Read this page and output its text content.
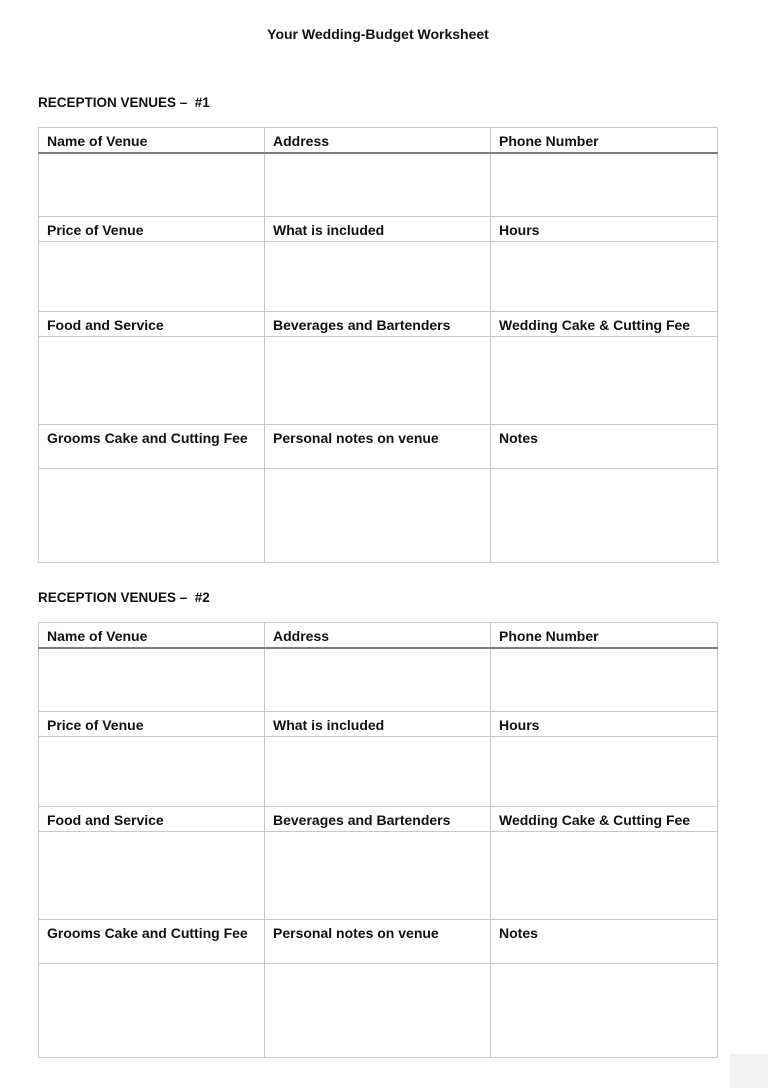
Your Wedding-Budget Worksheet
RECEPTION VENUES –  #1
Name of Venue	Address	Phone Number

Price of Venue	What is included	Hours

Food and Service	Beverages and Bartenders	Wedding Cake & Cutting Fee

Grooms Cake and Cutting Fee	Personal notes on venue	Notes

RECEPTION VENUES –  #2
Name of Venue	Address	Phone Number

Price of Venue	What is included	Hours

Food and Service	Beverages and Bartenders	Wedding Cake & Cutting Fee

Grooms Cake and Cutting Fee	Personal notes on venue	Notes
